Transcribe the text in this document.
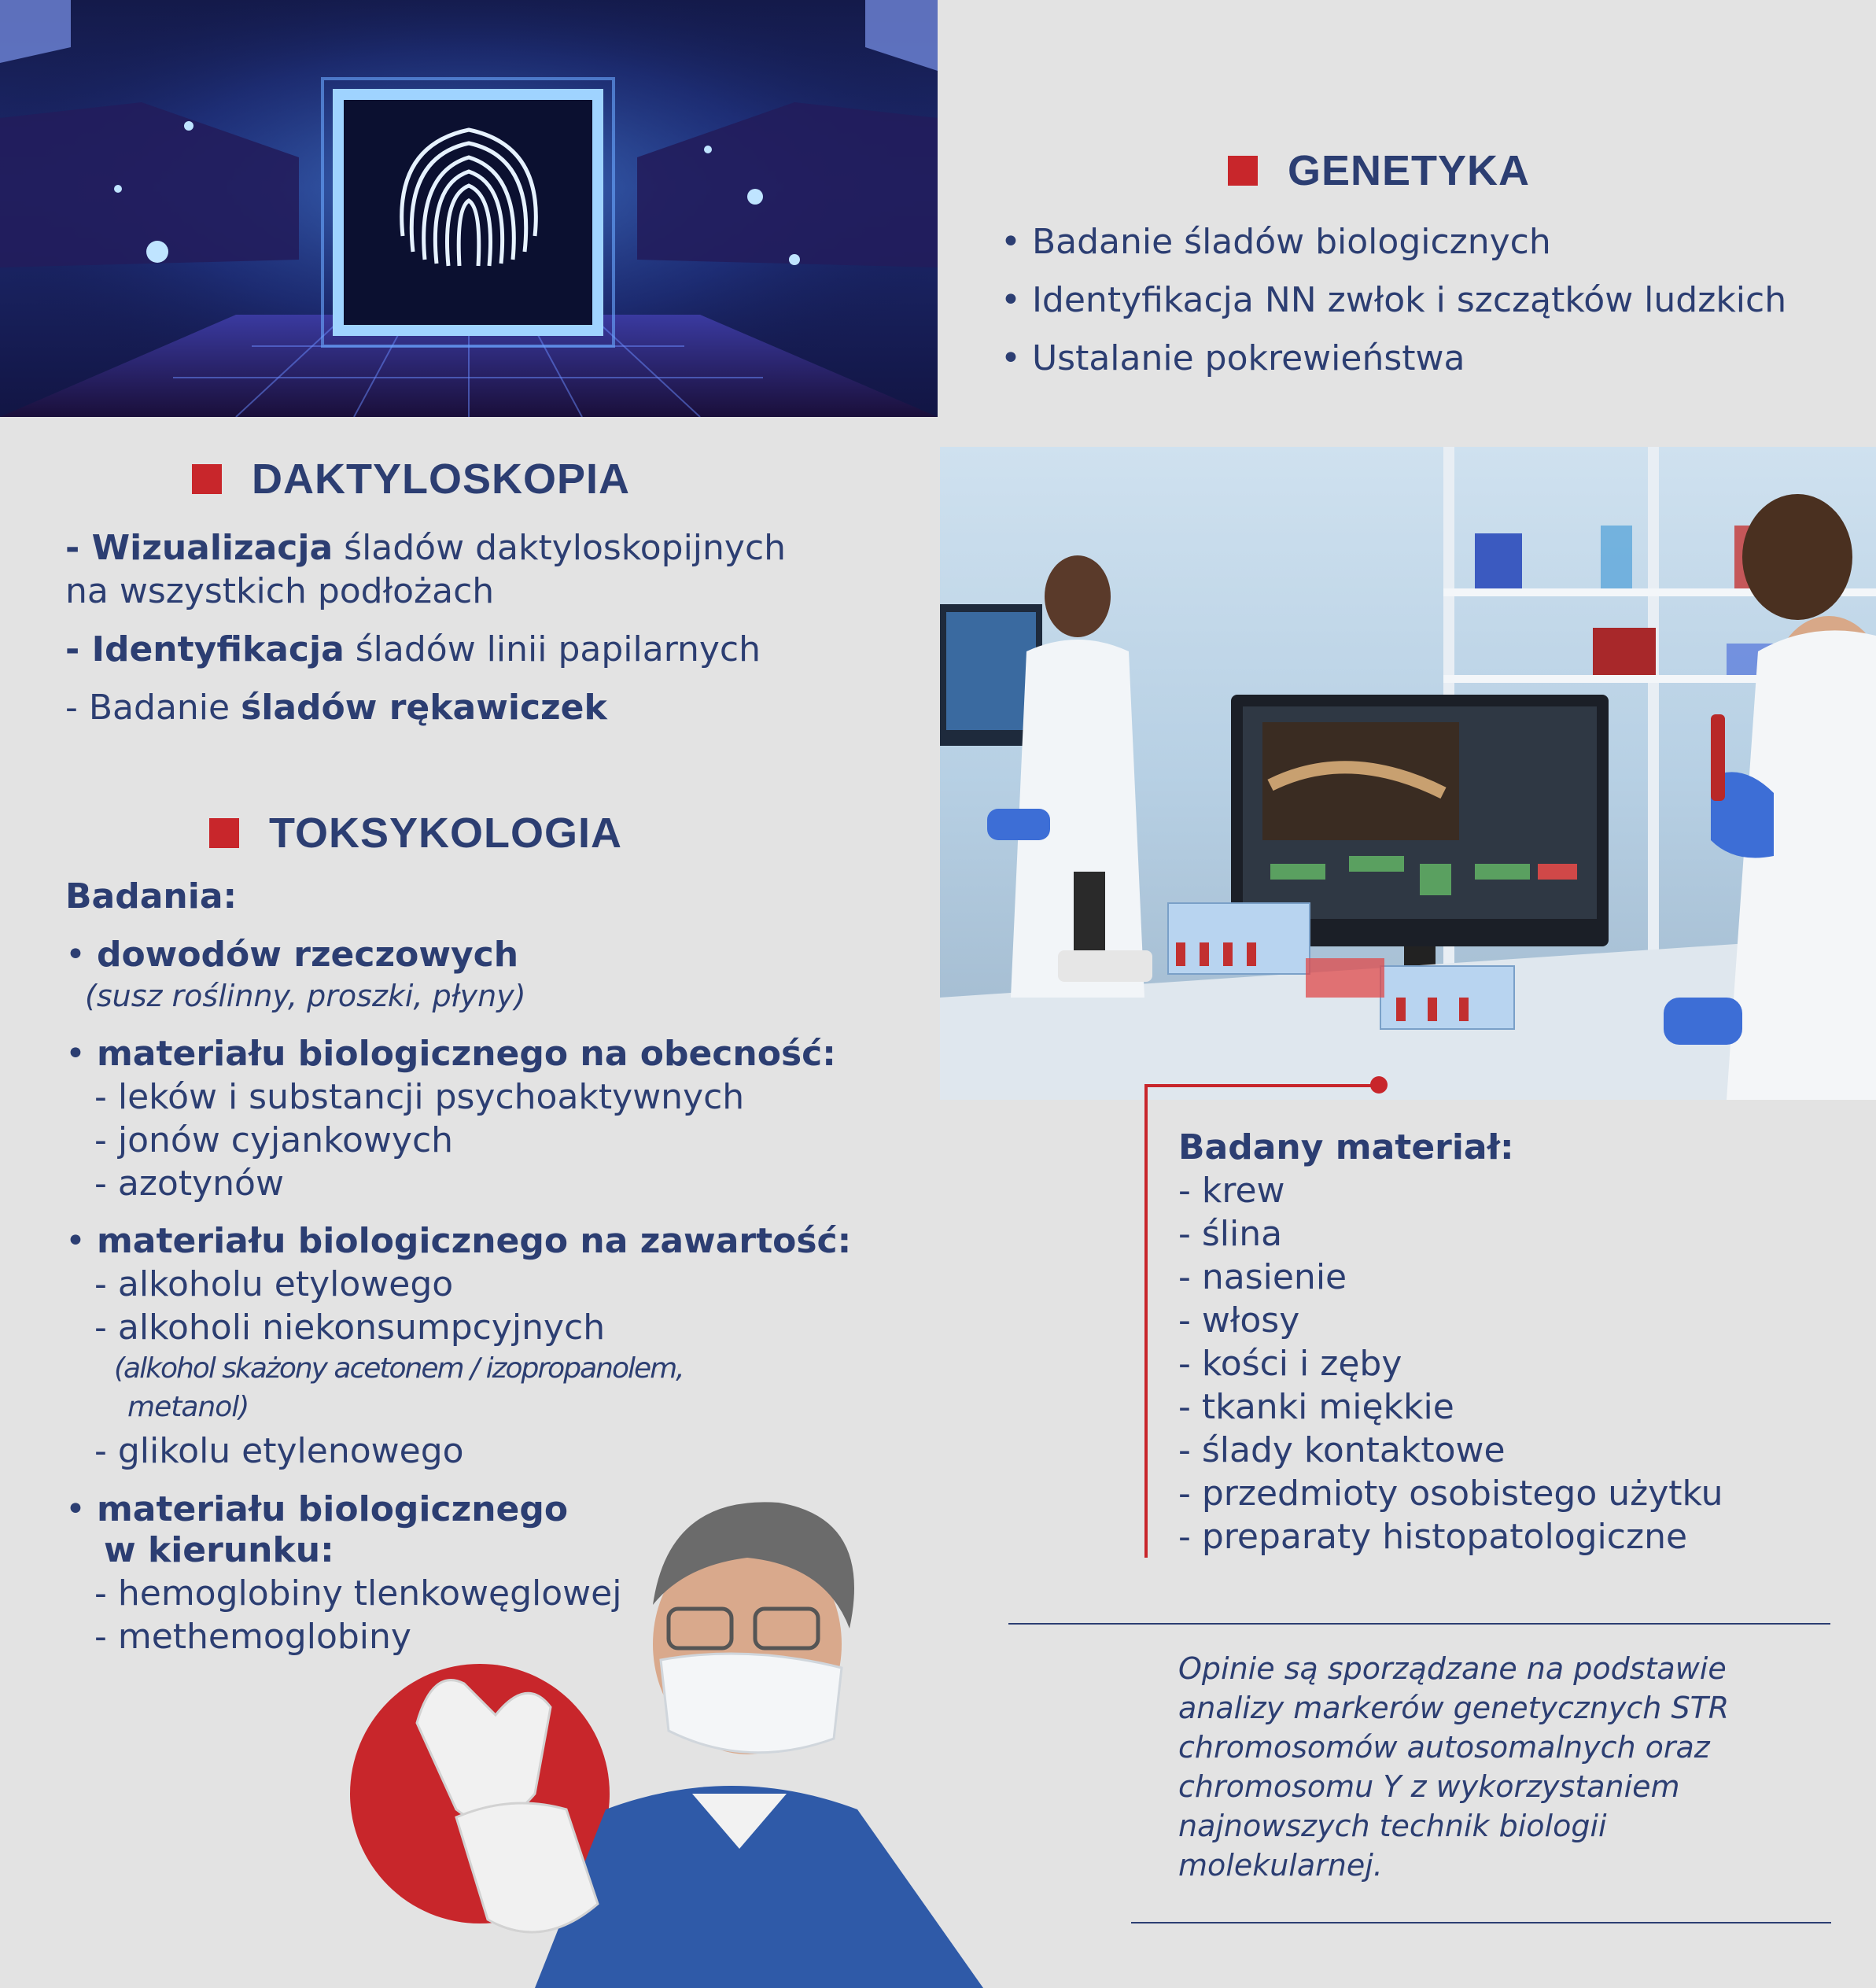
GENETYKA
• Badanie śladów biologicznych
• Identyfikacja NN zwłok i szczątków ludzkich
• Ustalanie pokrewieństwa
Badany materiał:
- krew
- ślina
- nasienie
- włosy
- kości i zęby
- tkanki miękkie
- ślady kontaktowe
- przedmioty osobistego użytku
- preparaty histopatologiczne
Opinie są sporządzane na podstawie
analizy markerów genetycznych STR
chromosomów autosomalnych oraz
chromosomu Y z wykorzystaniem
najnowszych technik biologii
molekularnej.
DAKTYLOSKOPIA
- Wizualizacja śladów daktyloskopijnych
na wszystkich podłożach
- Identyfikacja śladów linii papilarnych
- Badanie śladów rękawiczek
TOKSYKOLOGIA
Badania:
• dowodów rzeczowych
(susz roślinny, proszki, płyny)
• materiału biologicznego na obecność:
- leków i substancji psychoaktywnych
- jonów cyjankowych
- azotynów
• materiału biologicznego na zawartość:
- alkoholu etylowego
- alkoholi niekonsumpcyjnych
(alkohol skażony acetonem / izopropanolem,
metanol)
- glikolu etylenowego
• materiału biologicznego
w kierunku:
- hemoglobiny tlenkowęglowej
- methemoglobiny
